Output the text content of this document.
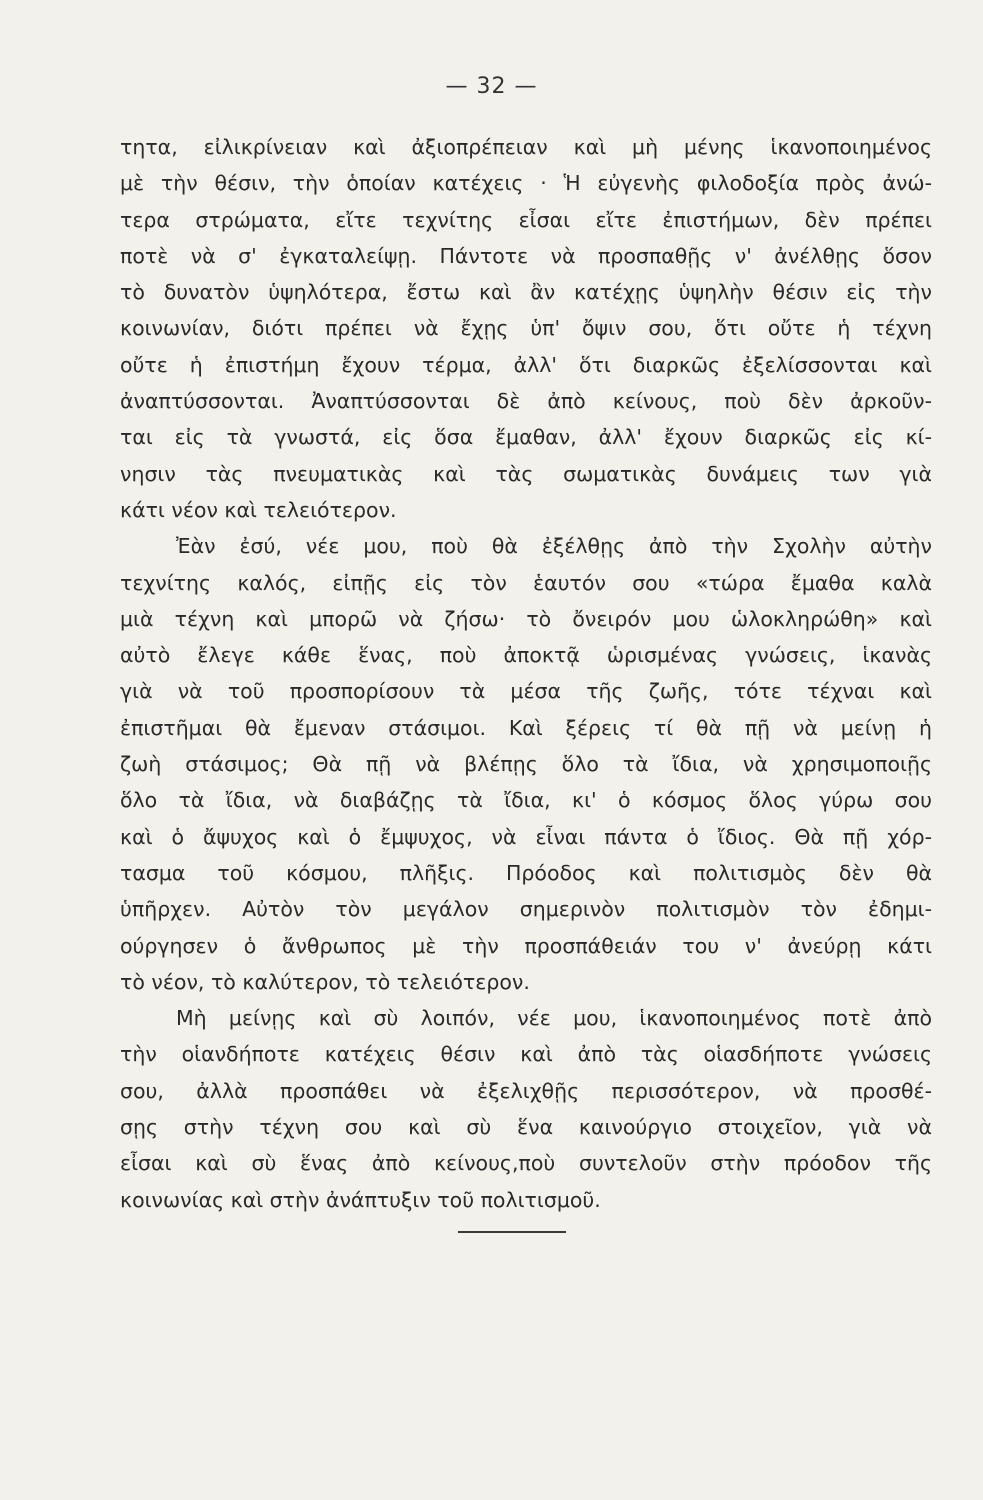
— 32 —
τητα, εἰλικρίνειαν καὶ ἀξιοπρέπειαν καὶ μὴ μένης ἱκανοποιημένος
μὲ τὴν θέσιν, τὴν ὁποίαν κατέχεις · Ἡ εὐγενὴς φιλοδοξία πρὸς ἀνώ-
τερα στρώματα, εἴτε τεχνίτης εἶσαι εἴτε ἐπιστήμων, δὲν πρέπει
ποτὲ νὰ σ' ἐγκαταλείψῃ. Πάντοτε νὰ προσπαθῇς ν' ἀνέλθῃς ὅσον
τὸ δυνατὸν ὑψηλότερα, ἔστω καὶ ἂν κατέχῃς ὑψηλὴν θέσιν εἰς τὴν
κοινωνίαν, διότι πρέπει νὰ ἔχῃς ὑπ' ὄψιν σου, ὅτι οὔτε ἡ τέχνη
οὔτε ἡ ἐπιστήμη ἔχουν τέρμα, ἀλλ' ὅτι διαρκῶς ἐξελίσσονται καὶ
ἀναπτύσσονται. Ἀναπτύσσονται δὲ ἀπὸ κείνους, ποὺ δὲν ἀρκοῦν-
ται εἰς τὰ γνωστά, εἰς ὅσα ἔμαθαν, ἀλλ' ἔχουν διαρκῶς εἰς κί-
νησιν τὰς πνευματικὰς καὶ τὰς σωματικὰς δυνάμεις των γιὰ
κάτι νέον καὶ τελειότερον.
Ἐὰν ἐσύ, νέε μου, ποὺ θὰ ἐξέλθῃς ἀπὸ τὴν Σχολὴν αὐτὴν
τεχνίτης καλός, εἰπῇς εἰς τὸν ἑαυτόν σου «τώρα ἔμαθα καλὰ
μιὰ τέχνη καὶ μπορῶ νὰ ζήσω· τὸ ὄνειρόν μου ὡλοκληρώθη» καὶ
αὐτὸ ἔλεγε κάθε ἕνας, ποὺ ἀποκτᾷ ὡρισμένας γνώσεις, ἱκανὰς
γιὰ νὰ τοῦ προσπορίσουν τὰ μέσα τῆς ζωῆς, τότε τέχναι καὶ
ἐπιστῆμαι θὰ ἔμεναν στάσιμοι. Καὶ ξέρεις τί θὰ πῇ νὰ μείνῃ ἡ
ζωὴ στάσιμος; Θὰ πῇ νὰ βλέπῃς ὅλο τὰ ἴδια, νὰ χρησιμοποιῇς
ὅλο τὰ ἴδια, νὰ διαβάζῃς τὰ ἴδια, κι' ὁ κόσμος ὅλος γύρω σου
καὶ ὁ ἄψυχος καὶ ὁ ἔμψυχος, νὰ εἶναι πάντα ὁ ἴδιος. Θὰ πῇ χόρ-
τασμα τοῦ κόσμου, πλῆξις. Πρόοδος καὶ πολιτισμὸς δὲν θὰ
ὑπῆρχεν. Αὐτὸν τὸν μεγάλον σημερινὸν πολιτισμὸν τὸν ἐδημι-
ούργησεν ὁ ἄνθρωπος μὲ τὴν προσπάθειάν του ν' ἀνεύρῃ κάτι
τὸ νέον, τὸ καλύτερον, τὸ τελειότερον.
Μὴ μείνῃς καὶ σὺ λοιπόν, νέε μου, ἱκανοποιημένος ποτὲ ἀπὸ
τὴν οἱανδήποτε κατέχεις θέσιν καὶ ἀπὸ τὰς οἱασδήποτε γνώσεις
σου, ἀλλὰ προσπάθει νὰ ἐξελιχθῇς περισσότερον, νὰ προσθέ-
σῃς στὴν τέχνη σου καὶ σὺ ἕνα καινούργιο στοιχεῖον, γιὰ νὰ
εἶσαι καὶ σὺ ἕνας ἀπὸ κείνους,ποὺ συντελοῦν στὴν πρόοδον τῆς
κοινωνίας καὶ στὴν ἀνάπτυξιν τοῦ πολιτισμοῦ.
